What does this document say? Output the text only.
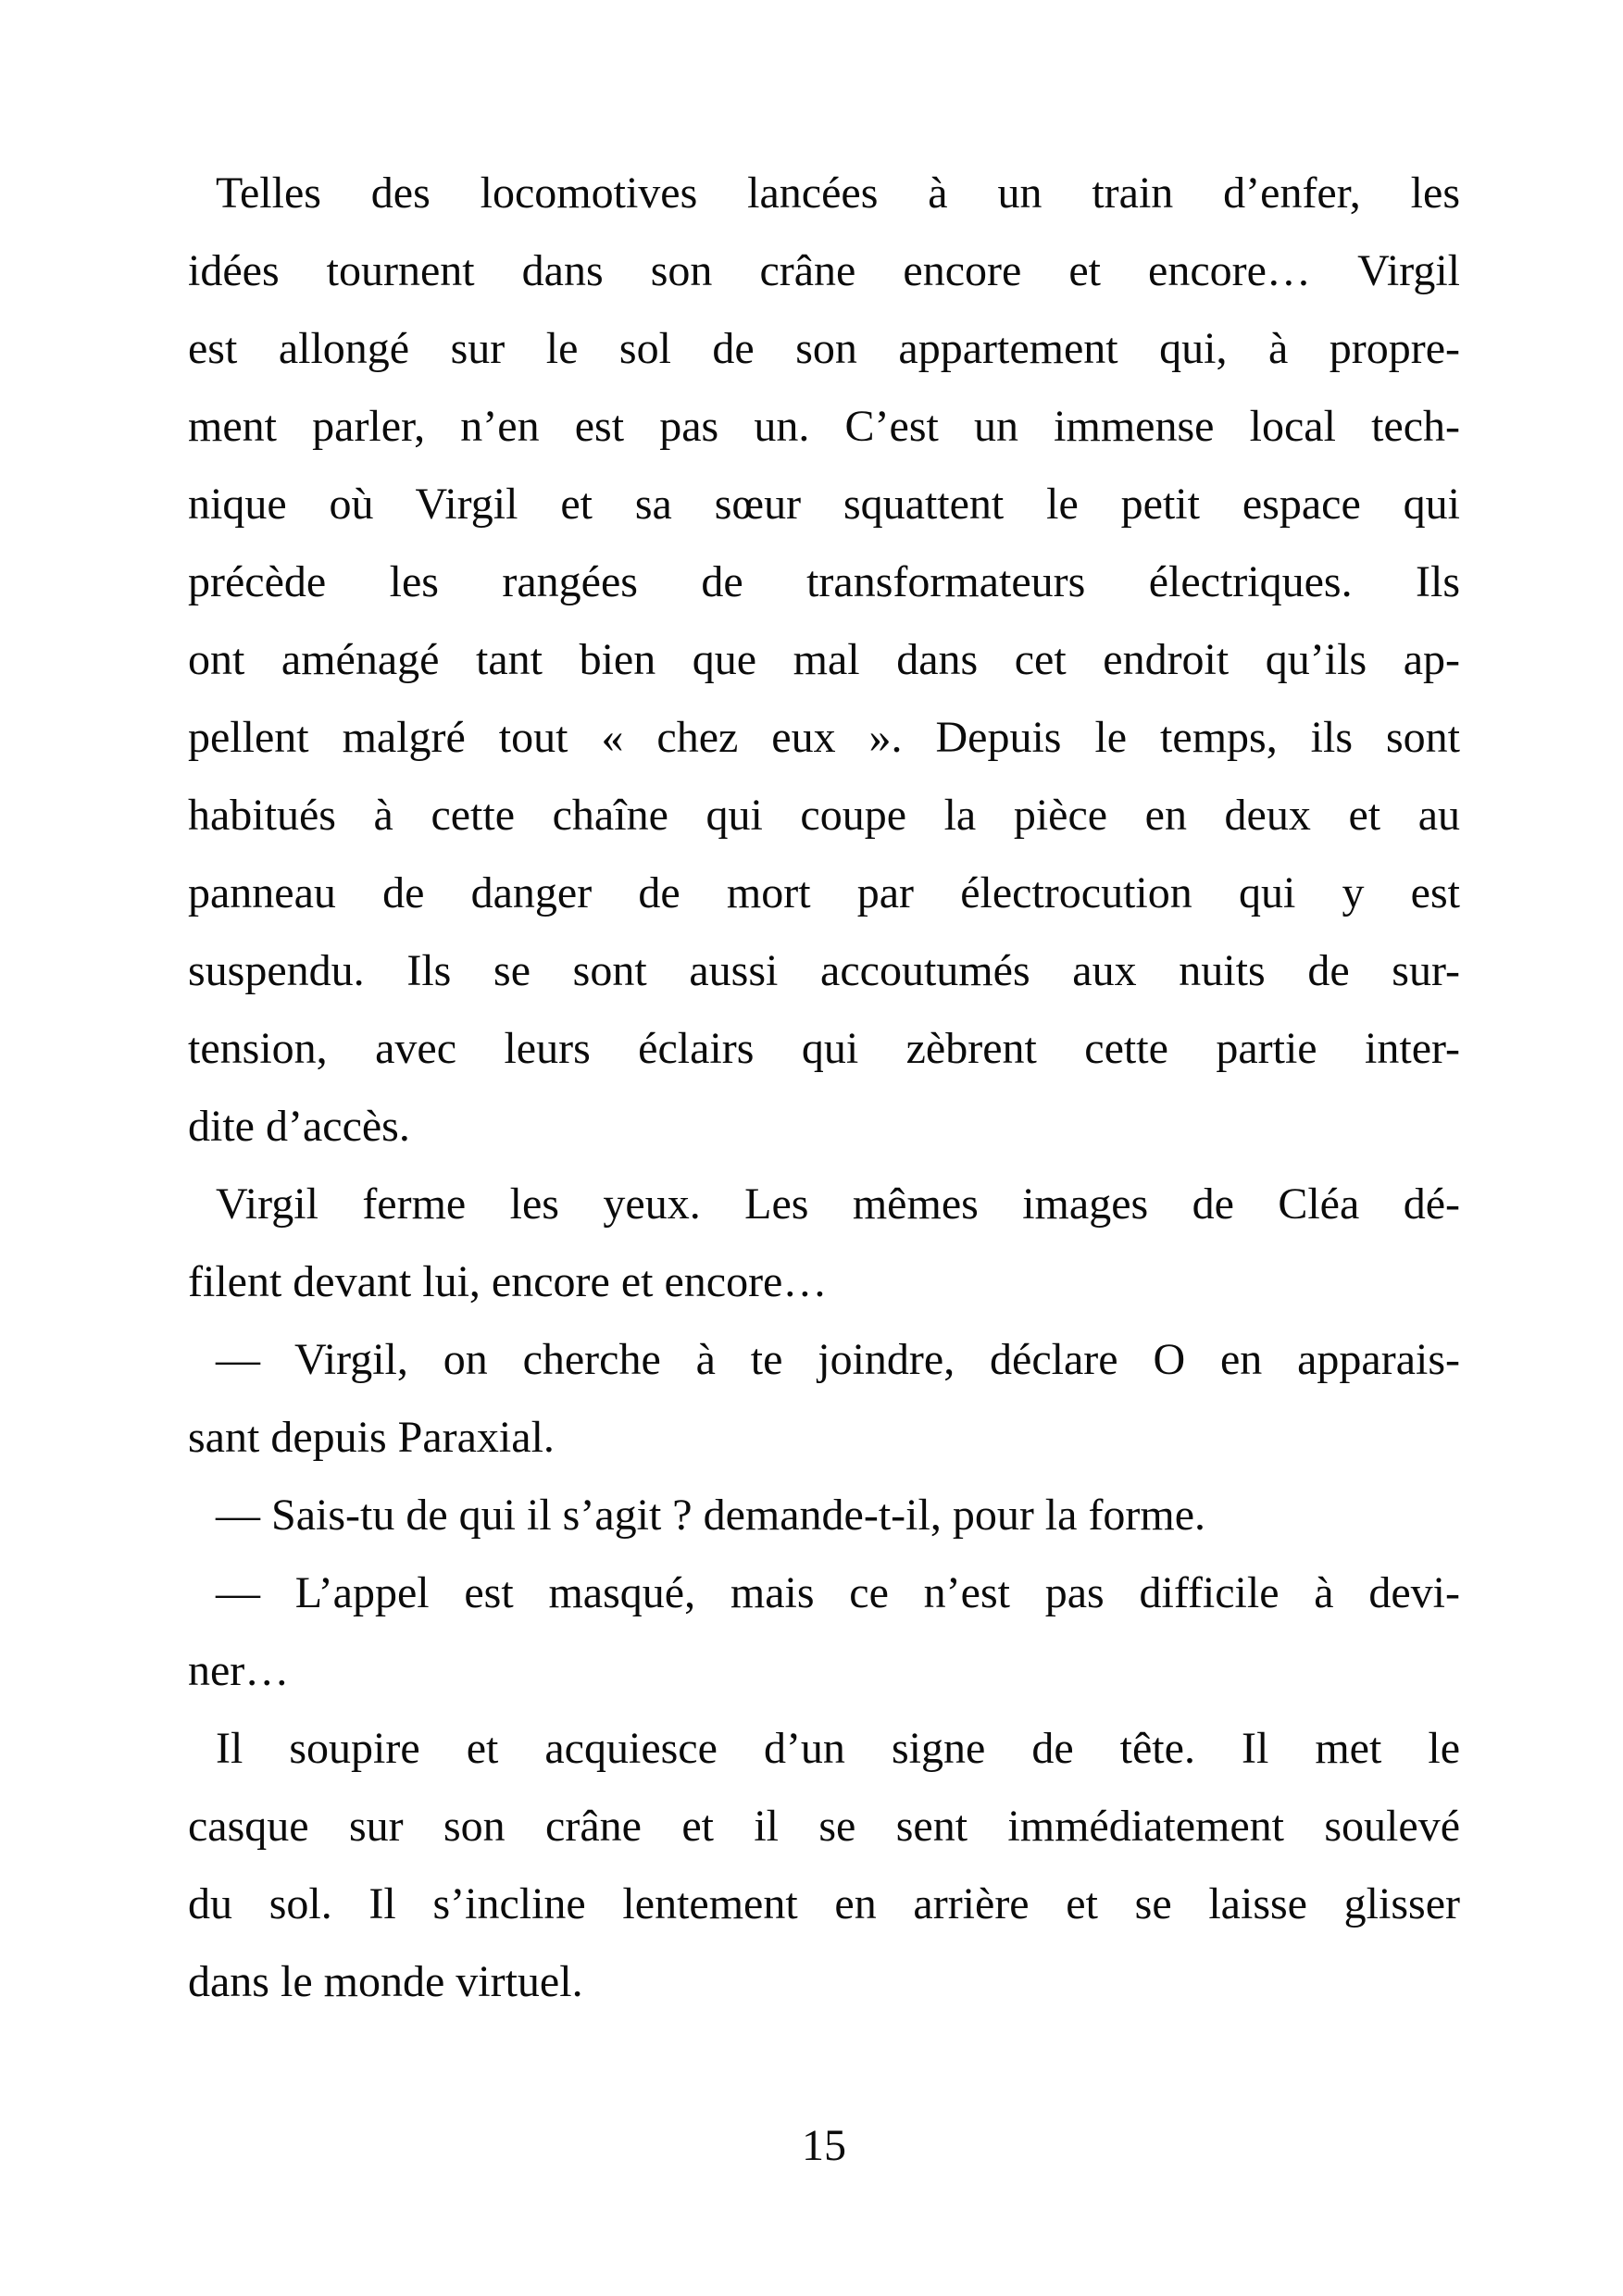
Telles des locomotives lancées à un train d’enfer, les
idées tournent dans son crâne encore et encore… Virgil
est allongé sur le sol de son appartement qui, à propre-
ment parler, n’en est pas un. C’est un immense local tech-
nique où Virgil et sa sœur squattent le petit espace qui
précède les rangées de transformateurs électriques. Ils
ont aménagé tant bien que mal dans cet endroit qu’ils ap-
pellent malgré tout « chez eux ». Depuis le temps, ils sont
habitués à cette chaîne qui coupe la pièce en deux et au
panneau de danger de mort par électrocution qui y est
suspendu. Ils se sont aussi accoutumés aux nuits de sur-
tension, avec leurs éclairs qui zèbrent cette partie inter-
dite d’accès.
Virgil ferme les yeux. Les mêmes images de Cléa dé-
filent devant lui, encore et encore…
— Virgil, on cherche à te joindre, déclare O en apparais-
sant depuis Paraxial.
— Sais-tu de qui il s’agit ? demande-t-il, pour la forme.
— L’appel est masqué, mais ce n’est pas difficile à devi-
ner…
Il soupire et acquiesce d’un signe de tête. Il met le
casque sur son crâne et il se sent immédiatement soulevé
du sol. Il s’incline lentement en arrière et se laisse glisser
dans le monde virtuel.
15
